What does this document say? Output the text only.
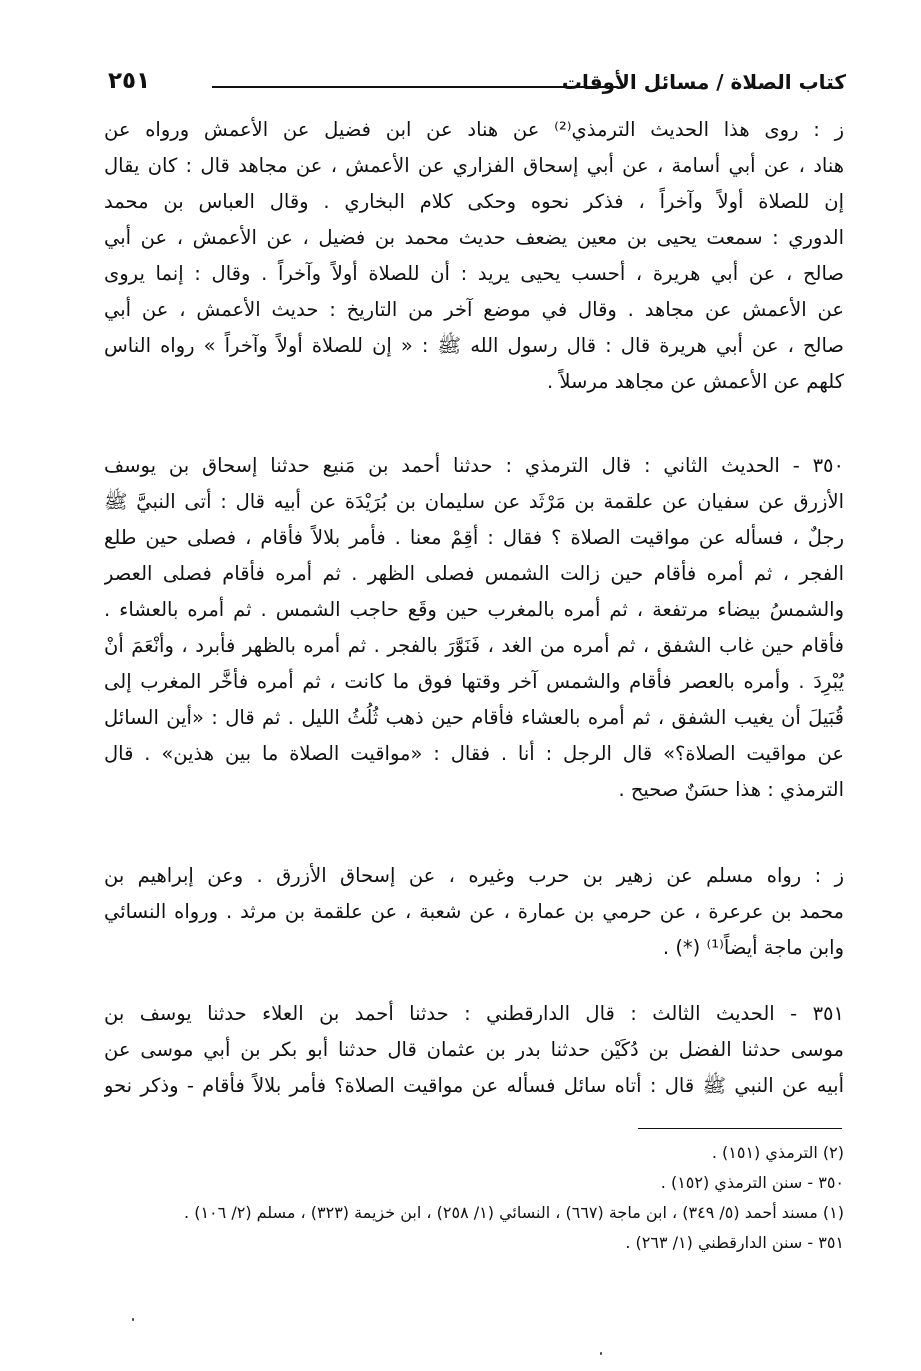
كتاب الصلاة / مسائل الأوقات
٢٥١
ز : روى هذا الحديث الترمذي⁽²⁾ عن هناد عن ابن فضيل عن الأعمش ورواه عن
هناد ، عن أبي أسامة ، عن أبي إسحاق الفزاري عن الأعمش ، عن مجاهد قال : كان يقال
إن للصلاة أولاً وآخراً ، فذكر نحوه وحكى كلام البخاري . وقال العباس بن محمد
الدوري : سمعت يحيى بن معين يضعف حديث محمد بن فضيل ، عن الأعمش ، عن أبي
صالح ، عن أبي هريرة ، أحسب يحيى يريد : أن للصلاة أولاً وآخراً . وقال : إنما يروى
عن الأعمش عن مجاهد . وقال في موضع آخر من التاريخ : حديث الأعمش ، عن أبي
صالح ، عن أبي هريرة قال : قال رسول الله ﷺ : « إن للصلاة أولاً وآخراً » رواه الناس
كلهم عن الأعمش عن مجاهد مرسلاً .
٣٥٠ - الحديث الثاني : قال الترمذي : حدثنا أحمد بن مَنيع حدثنا إسحاق بن يوسف
الأزرق عن سفيان عن علقمة بن مَرْثَد عن سليمان بن بُرَيْدَة عن أبيه قال : أتى النبيَّ ﷺ
رجلٌ ، فسأله عن مواقيت الصلاة ؟ فقال : أقِمْ معنا . فأمر بلالاً فأقام ، فصلى حين طلع
الفجر ، ثم أمره فأقام حين زالت الشمس فصلى الظهر . ثم أمره فأقام فصلى العصر
والشمسُ بيضاء مرتفعة ، ثم أمره بالمغرب حين وقَع حاجب الشمس . ثم أمره بالعشاء .
فأقام حين غاب الشفق ، ثم أمره من الغد ، فَنَوَّرَ بالفجر . ثم أمره بالظهر فأبرد ، وأنْعَمَ أنْ
يُبْرِدَ . وأمره بالعصر فأقام والشمس آخر وقتها فوق ما كانت ، ثم أمره فأخَّر المغرب إلى
قُبَيلَ أن يغيب الشفق ، ثم أمره بالعشاء فأقام حين ذهب ثُلُثُ الليل . ثم قال : «أين السائل
عن مواقيت الصلاة؟» قال الرجل : أنا . فقال : «مواقيت الصلاة ما بين هذين» . قال
الترمذي : هذا حسَنٌ صحيح .
ز : رواه مسلم عن زهير بن حرب وغيره ، عن إسحاق الأزرق . وعن إبراهيم بن
محمد بن عرعرة ، عن حرمي بن عمارة ، عن شعبة ، عن علقمة بن مرثد . ورواه النسائي
وابن ماجة أيضاً⁽¹⁾ (*) .
٣٥١ - الحديث الثالث : قال الدارقطني : حدثنا أحمد بن العلاء حدثنا يوسف بن
موسى حدثنا الفضل بن دُكَيْن حدثنا بدر بن عثمان قال حدثنا أبو بكر بن أبي موسى عن
أبيه عن النبي ﷺ قال : أتاه سائل فسأله عن مواقيت الصلاة؟ فأمر بلالاً فأقام - وذكر نحو
(٢) الترمذي (١٥١) .
٣٥٠ - سنن الترمذي (١٥٢) .
(١) مسند أحمد (٥/ ٣٤٩) ، ابن ماجة (٦٦٧) ، النسائي (١/ ٢٥٨) ، ابن خزيمة (٣٢٣) ، مسلم (٢/ ١٠٦) .
٣٥١ - سنن الدارقطني (١/ ٢٦٣) .
